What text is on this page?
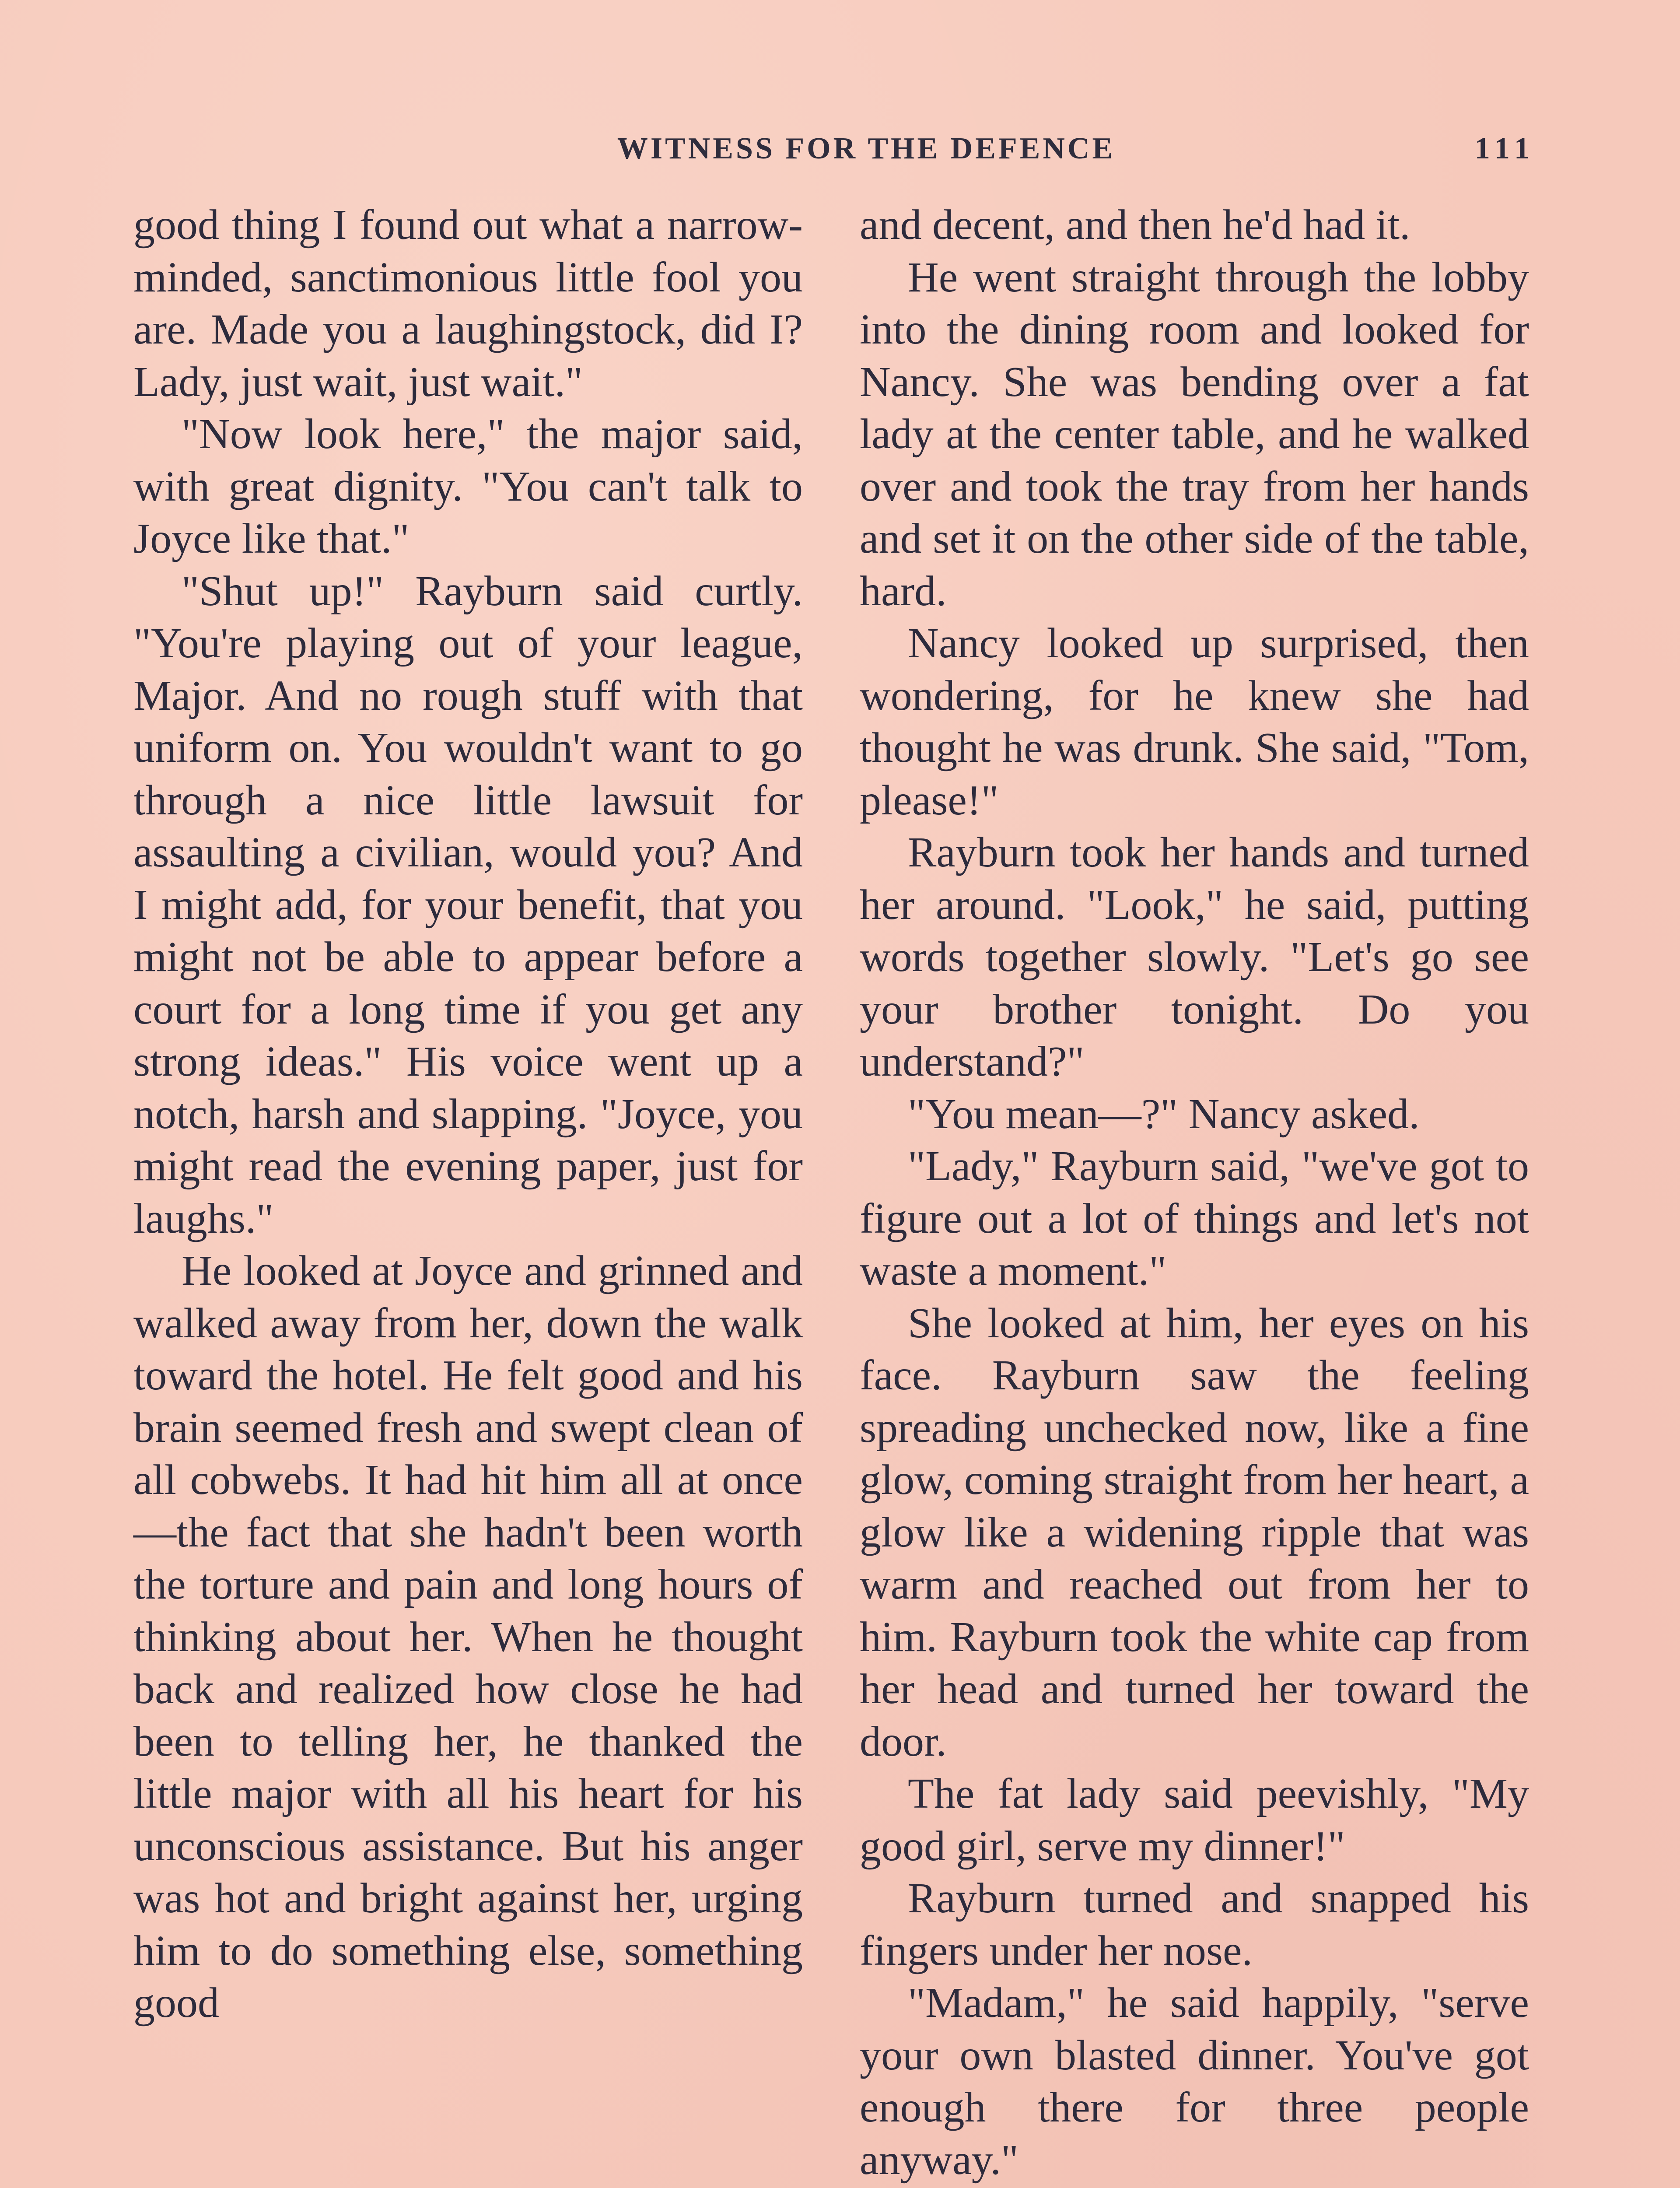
WITNESS FOR THE DEFENCE	111

good thing I found out what a narrow-minded, sanctimonious little fool you are. Made you a laughingstock, did I? Lady, just wait, just wait."

"Now look here," the major said, with great dignity. "You can't talk to Joyce like that."

"Shut up!" Rayburn said curtly. "You're playing out of your league, Major. And no rough stuff with that uniform on. You wouldn't want to go through a nice little lawsuit for assaulting a civilian, would you? And I might add, for your benefit, that you might not be able to appear before a court for a long time if you get any strong ideas." His voice went up a notch, harsh and slapping. "Joyce, you might read the evening paper, just for laughs."

He looked at Joyce and grinned and walked away from her, down the walk toward the hotel. He felt good and his brain seemed fresh and swept clean of all cobwebs. It had hit him all at once—the fact that she hadn't been worth the torture and pain and long hours of thinking about her. When he thought back and realized how close he had been to telling her, he thanked the little major with all his heart for his unconscious assistance. But his anger was hot and bright against her, urging him to do something else, something good

and decent, and then he'd had it.

He went straight through the lobby into the dining room and looked for Nancy. She was bending over a fat lady at the center table, and he walked over and took the tray from her hands and set it on the other side of the table, hard.

Nancy looked up surprised, then wondering, for he knew she had thought he was drunk. She said, "Tom, please!"

Rayburn took her hands and turned her around. "Look," he said, putting words together slowly. "Let's go see your brother tonight. Do you understand?"

"You mean—?" Nancy asked.

"Lady," Rayburn said, "we've got to figure out a lot of things and let's not waste a moment."

She looked at him, her eyes on his face. Rayburn saw the feeling spreading unchecked now, like a fine glow, coming straight from her heart, a glow like a widening ripple that was warm and reached out from her to him. Rayburn took the white cap from her head and turned her toward the door.

The fat lady said peevishly, "My good girl, serve my dinner!"

Rayburn turned and snapped his fingers under her nose.

"Madam," he said happily, "serve your own blasted dinner. You've got enough there for three people anyway."
